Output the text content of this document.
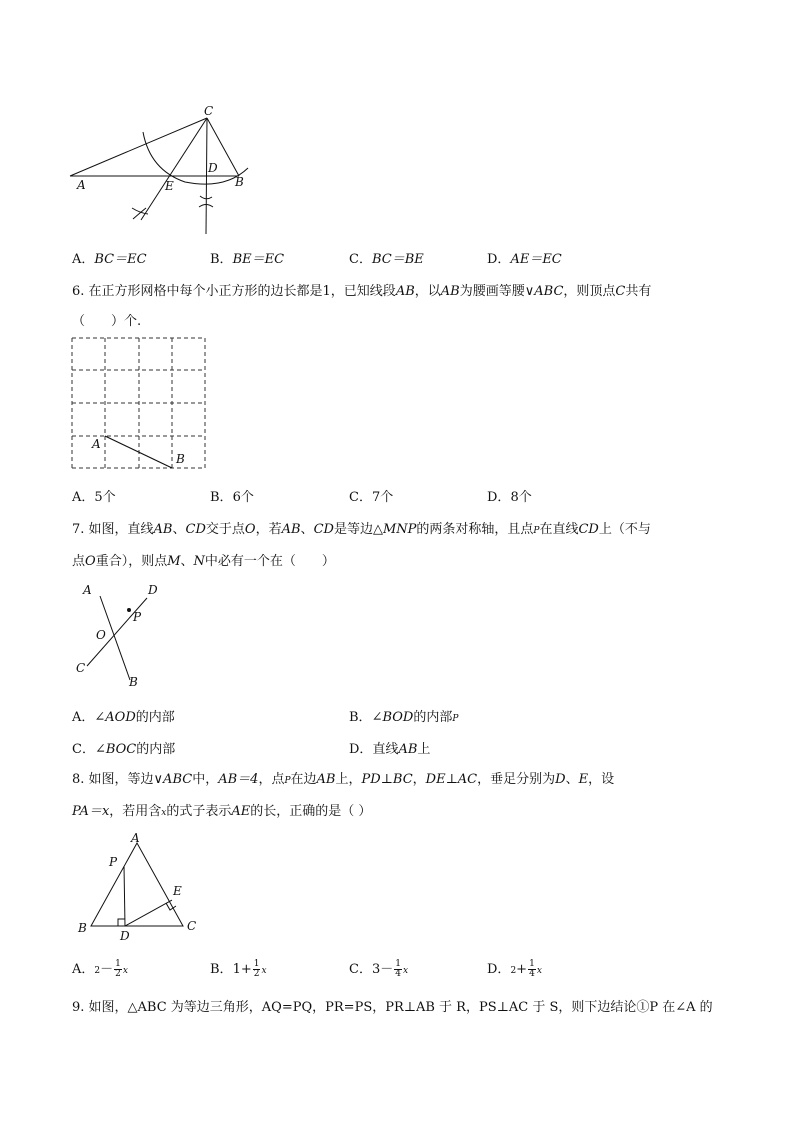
C
A	E
D
B
A．BC＝EC	B．BE＝EC	C．BC＝BE	D．AE＝EC
6. 在正方形网格中每个小正方形的边长都是1，已知线段AB，以AB为腰画等腰∨ABC，则顶点C共有
（　　）个.
A
B
A．5个	B．6个	C．7个	D．8个
7. 如图，直线AB、CD交于点O，若AB、CD是等边△MNP的两条对称轴，且点P在直线CD上（不与
点O重合），则点M、N中必有一个在（　　）
A	D
P
O
C
B
A．∠AOD的内部	B．∠BOD的内部P
C．∠BOC的内部	D．直线AB上
8. 如图，等边∨ABC中，AB＝4，点P在边AB上，PD⊥BC，DE⊥AC，垂足分别为D、E，设
PA＝x，若用含x的式子表示AE的长，正确的是（ ）
A
P
E
B
D
C
A．$2- \frac{1}{2}$ x	B．$1+ \frac{1}{2}$ x	C．$3- \frac{1}{4}$ x	D．$2+ \frac{1}{4}$ x
9. 如图，△ABC 为等边三角形，AQ=PQ，PR=PS，PR⊥AB 于 R，PS⊥AC 于 S，则下边结论①P 在∠A 的
